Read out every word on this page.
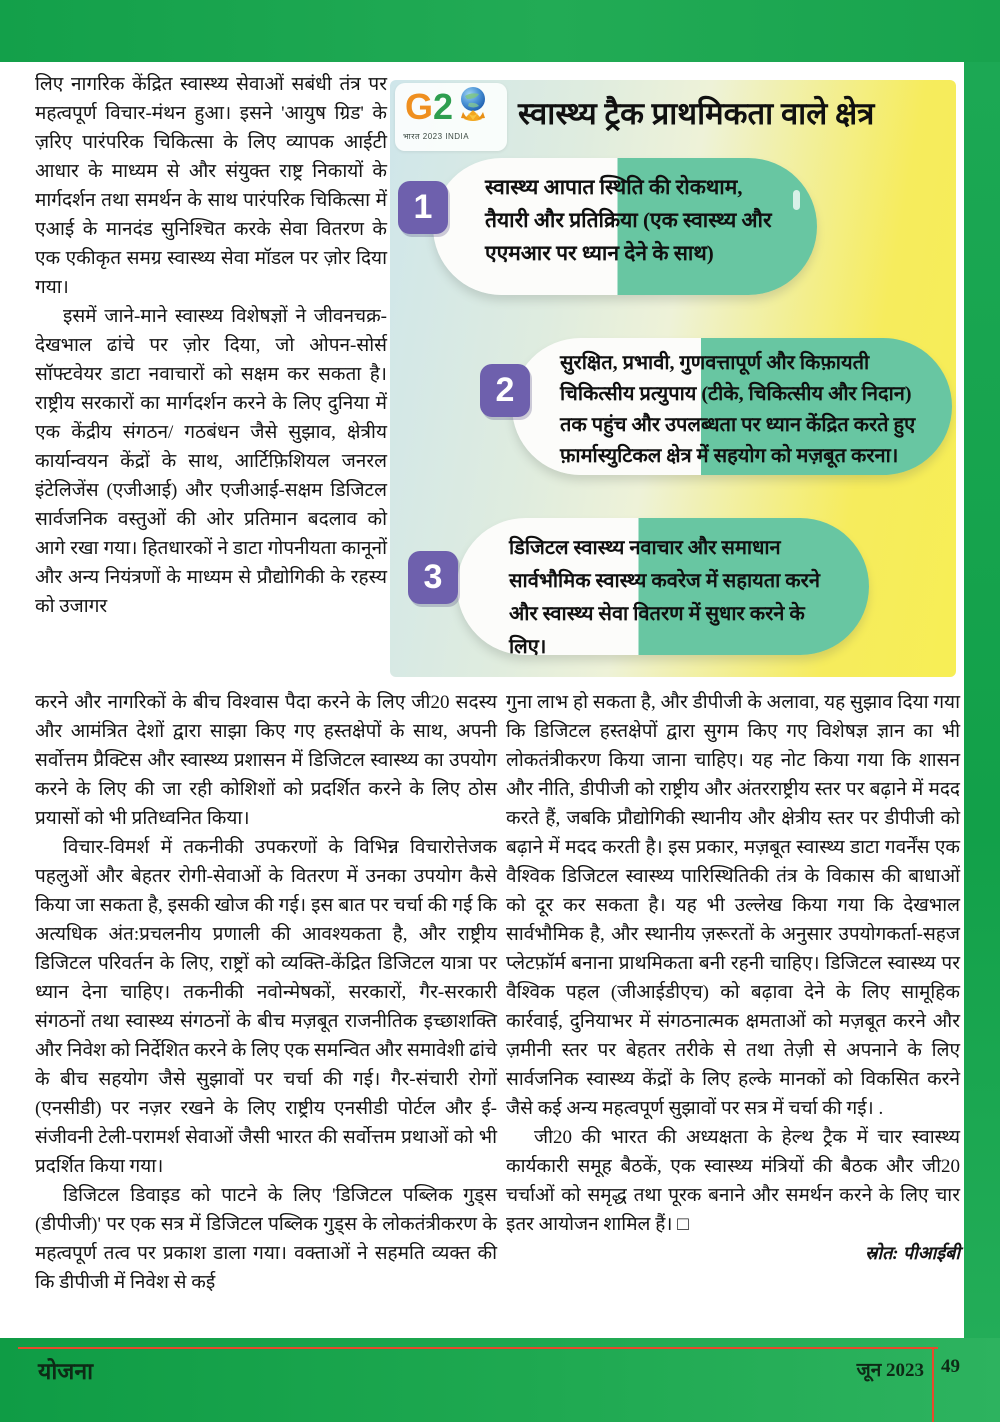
लिए नागरिक केंद्रित स्वास्थ्य सेवाओं सबंधी तंत्र पर महत्वपूर्ण विचार-मंथन हुआ। इसने 'आयुष ग्रिड' के ज़रिए पारंपरिक चिकित्सा के लिए व्यापक आईटी आधार के माध्यम से और संयुक्त राष्ट्र निकायों के मार्गदर्शन तथा समर्थन के साथ पारंपरिक चिकित्सा में एआई के मानदंड सुनिश्चित करके सेवा वितरण के एक एकीकृत समग्र स्वास्थ्य सेवा मॉडल पर ज़ोर दिया गया।

इसमें जाने-माने स्वास्थ्य विशेषज्ञों ने जीवनचक्र-देखभाल ढांचे पर ज़ोर दिया, जो ओपन-सोर्स सॉफ्टवेयर डाटा नवाचारों को सक्षम कर सकता है। राष्ट्रीय सरकारों का मार्गदर्शन करने के लिए दुनिया में एक केंद्रीय संगठन/ गठबंधन जैसे सुझाव, क्षेत्रीय कार्यान्वयन केंद्रों के साथ, आर्टिफ़िशियल जनरल इंटेलिजेंस (एजीआई) और एजीआई-सक्षम डिजिटल सार्वजनिक वस्तुओं की ओर प्रतिमान बदलाव को आगे रखा गया। हितधारकों ने डाटा गोपनीयता कानूनों और अन्य नियंत्रणों के माध्यम से प्रौद्योगिकी के रहस्य को उजागर

G 2
भारत 2023 INDIA
स्वास्थ्य ट्रैक प्राथमिकता वाले क्षेत्र
स्वास्थ्य आपात स्थिति की रोकथाम, तैयारी और प्रतिक्रिया (एक स्वास्थ्य और एएमआर पर ध्यान देने के साथ)
1
सुरक्षित, प्रभावी, गुणवत्तापूर्ण और किफ़ायती चिकित्सीय प्रत्युपाय (टीके, चिकित्सीय और निदान) तक पहुंच और उपलब्धता पर ध्यान केंद्रित करते हुए फ़ार्मास्युटिकल क्षेत्र में सहयोग को मज़बूत करना।
2
डिजिटल स्वास्थ्य नवाचार और समाधान सार्वभौमिक स्वास्थ्य कवरेज में सहायता करने और स्वास्थ्य सेवा वितरण में सुधार करने के लिए।
3

करने और नागरिकों के बीच विश्वास पैदा करने के लिए जी20 सदस्य और आमंत्रित देशों द्वारा साझा किए गए हस्तक्षेपों के साथ, अपनी सर्वोत्तम प्रैक्टिस और स्वास्थ्य प्रशासन में डिजिटल स्वास्थ्य का उपयोग करने के लिए की जा रही कोशिशों को प्रदर्शित करने के लिए ठोस प्रयासों को भी प्रतिध्वनित किया।

विचार-विमर्श में तकनीकी उपकरणों के विभिन्न विचारोत्तेजक पहलुओं और बेहतर रोगी-सेवाओं के वितरण में उनका उपयोग कैसे किया जा सकता है, इसकी खोज की गई। इस बात पर चर्चा की गई कि अत्यधिक अंत:प्रचलनीय प्रणाली की आवश्यकता है, और राष्ट्रीय डिजिटल परिवर्तन के लिए, राष्ट्रों को व्यक्ति-केंद्रित डिजिटल यात्रा पर ध्यान देना चाहिए। तकनीकी नवोन्मेषकों, सरकारों, गैर-सरकारी संगठनों तथा स्वास्थ्य संगठनों के बीच मज़बूत राजनीतिक इच्छाशक्ति और निवेश को निर्देशित करने के लिए एक समन्वित और समावेशी ढांचे के बीच सहयोग जैसे सुझावों पर चर्चा की गई। गैर-संचारी रोगों (एनसीडी) पर नज़र रखने के लिए राष्ट्रीय एनसीडी पोर्टल और ई-संजीवनी टेली-परामर्श सेवाओं जैसी भारत की सर्वोत्तम प्रथाओं को भी प्रदर्शित किया गया।

डिजिटल डिवाइड को पाटने के लिए 'डिजिटल पब्लिक गुड्स (डीपीजी)' पर एक सत्र में डिजिटल पब्लिक गुड्स के लोकतंत्रीकरण के महत्वपूर्ण तत्व पर प्रकाश डाला गया। वक्ताओं ने सहमति व्यक्त की कि डीपीजी में निवेश से कई

गुना लाभ हो सकता है, और डीपीजी के अलावा, यह सुझाव दिया गया कि डिजिटल हस्तक्षेपों द्वारा सुगम किए गए विशेषज्ञ ज्ञान का भी लोकतंत्रीकरण किया जाना चाहिए। यह नोट किया गया कि शासन और नीति, डीपीजी को राष्ट्रीय और अंतरराष्ट्रीय स्तर पर बढ़ाने में मदद करते हैं, जबकि प्रौद्योगिकी स्थानीय और क्षेत्रीय स्तर पर डीपीजी को बढ़ाने में मदद करती है। इस प्रकार, मज़बूत स्वास्थ्य डाटा गवर्नेंस एक वैश्विक डिजिटल स्वास्थ्य पारिस्थितिकी तंत्र के विकास की बाधाओं को दूर कर सकता है। यह भी उल्लेख किया गया कि देखभाल सार्वभौमिक है, और स्थानीय ज़रूरतों के अनुसार उपयोगकर्ता-सहज प्लेटफ़ॉर्म बनाना प्राथमिकता बनी रहनी चाहिए। डिजिटल स्वास्थ्य पर वैश्विक पहल (जीआईडीएच) को बढ़ावा देने के लिए सामूहिक कार्रवाई, दुनियाभर में संगठनात्मक क्षमताओं को मज़बूत करने और ज़मीनी स्तर पर बेहतर तरीके से तथा तेज़ी से अपनाने के लिए सार्वजनिक स्वास्थ्य केंद्रों के लिए हल्के मानकों को विकसित करने जैसे कई अन्य महत्वपूर्ण सुझावों पर सत्र में चर्चा की गई। .

जी20 की भारत की अध्यक्षता के हेल्थ ट्रैक में चार स्वास्थ्य कार्यकारी समूह बैठकें, एक स्वास्थ्य मंत्रियों की बैठक और जी20 चर्चाओं को समृद्ध तथा पूरक बनाने और समर्थन करने के लिए चार इतर आयोजन शामिल हैं। □

स्रोत: पीआईबी
योजना	जून 2023 49
